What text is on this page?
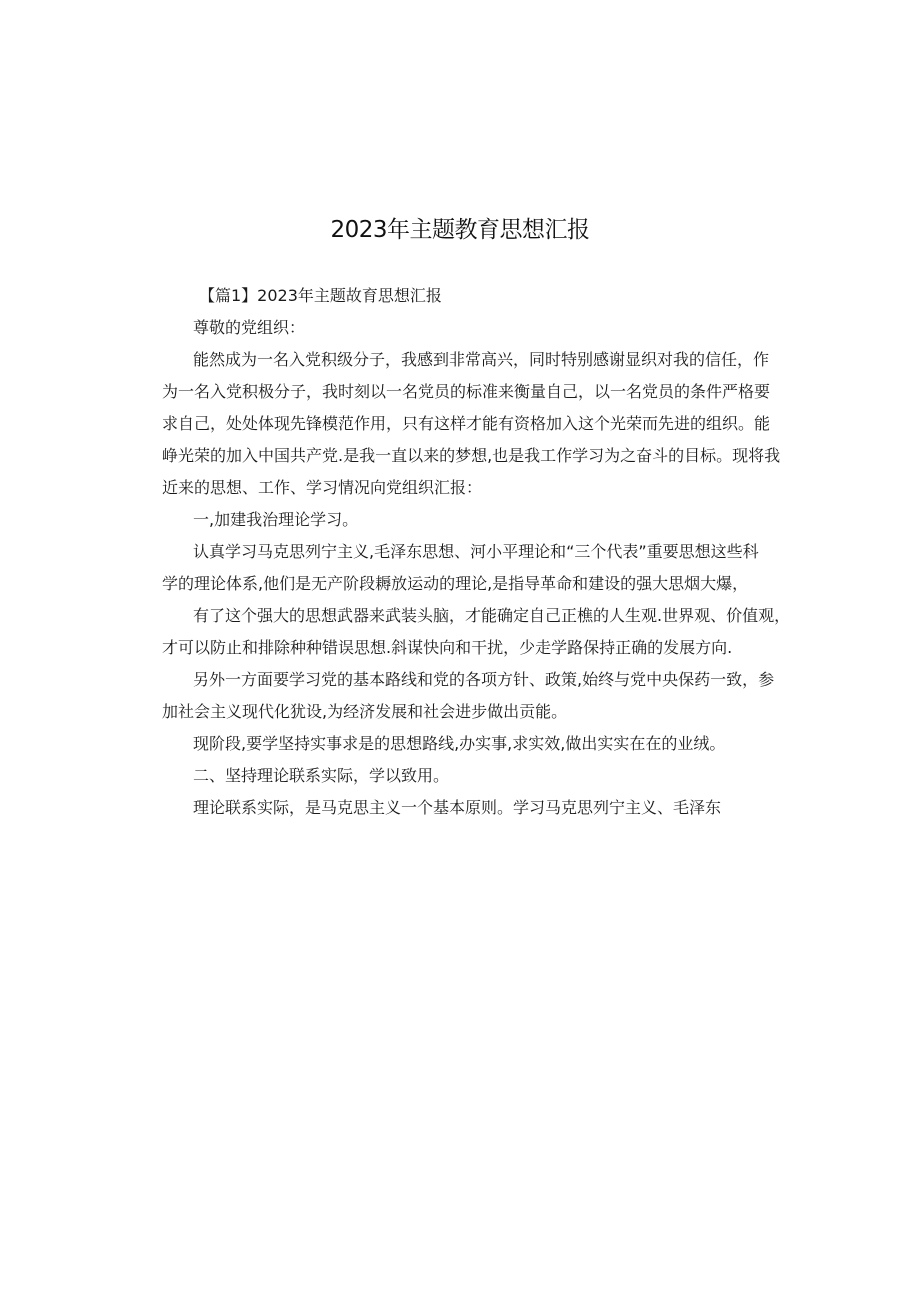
2023年主题教育思想汇报

【篇1】2023年主题故育思想汇报

尊敬的党组织：

能然成为一名入党积级分子，我感到非常高兴，同时特别感谢显织对我的信任，作

为一名入党积极分子，我时刻以一名党员的标准来衡量自己，以一名党员的条件严格要

求自己，处处体现先锋模范作用，只有这样才能有资格加入这个光荣而先进的组织。能

峥光荣的加入中国共产党.是我一直以来的梦想,也是我工作学习为之奋斗的目标。现将我

近来的思想、工作、学习情况向党组织汇报：

一,加建我治理论学习。

认真学习马克思列宁主义,毛泽东思想、河小平理论和“三个代表”重要思想这些科

学的理论体系,他们是无产阶段耨放运动的理论,是指导革命和建设的强大思烟大爆，

有了这个强大的思想武器来武装头脑，才能确定自己正樵的人生观.世界观、价值观，

才可以防止和排除种种错误思想.斜谋快向和干扰，少走学路保持正确的发展方向.

另外一方面要学习党的基本路线和党的各项方针、政策,始终与党中央保药一致，参

加社会主义现代化犹设,为经济发展和社会进步做出贡能。

现阶段,要学坚持实事求是的思想路线,办实事,求实效,做出实实在在的业绒。

二、坚持理论联系实际，学以致用。

理论联系实际，是马克思主义一个基本原则。学习马克思列宁主义、毛泽东
